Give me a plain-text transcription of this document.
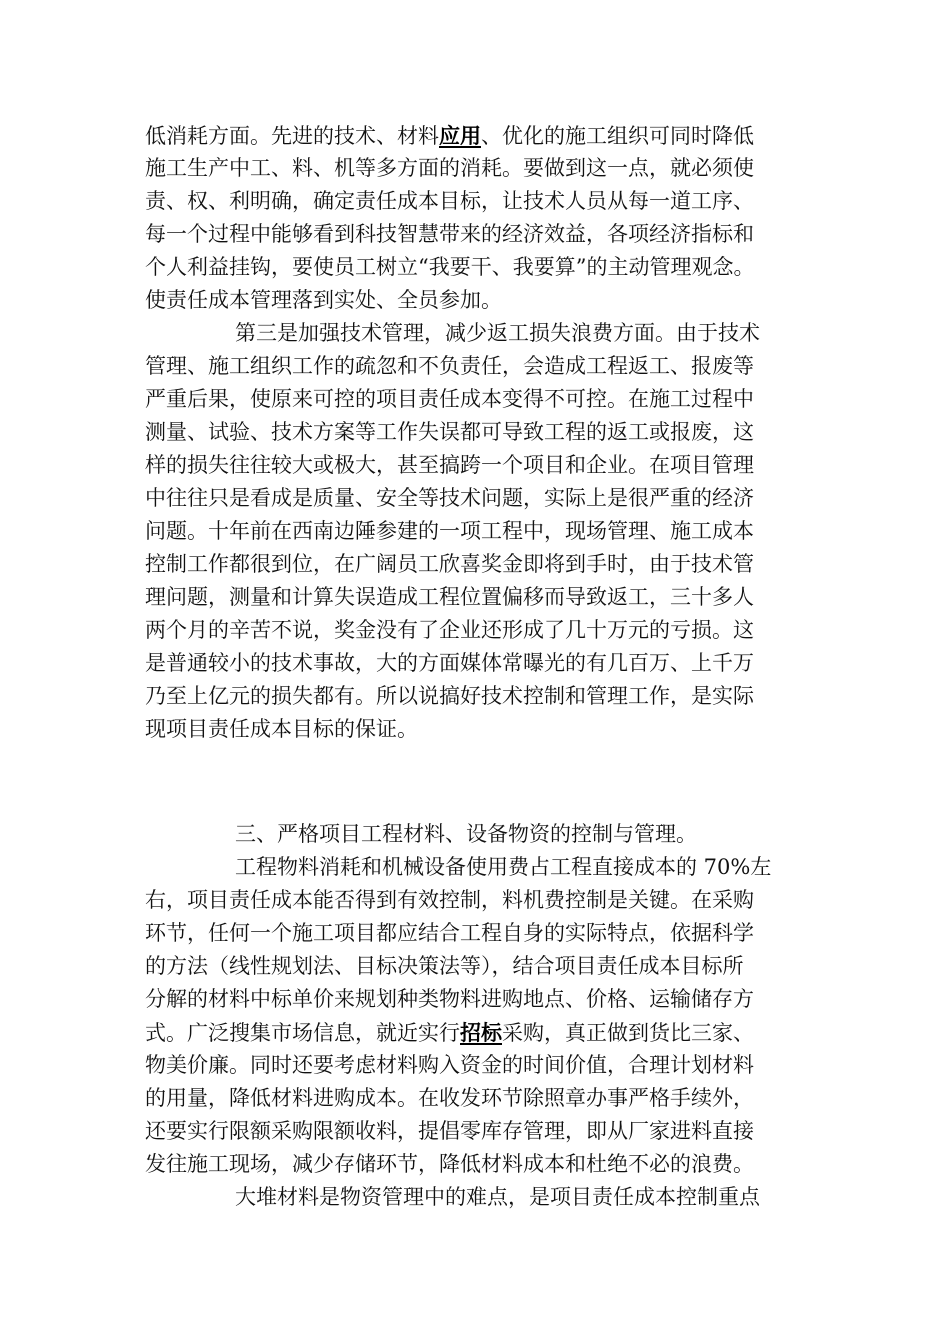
低消耗方面。先进的技术、材料应用、优化的施工组织可同时降低
施工生产中工、料、机等多方面的消耗。要做到这一点，就必须使
责、权、利明确，确定责任成本目标，让技术人员从每一道工序、
每一个过程中能够看到科技智慧带来的经济效益，各项经济指标和
个人利益挂钩，要使员工树立“我要干、我要算”的主动管理观念。
使责任成本管理落到实处、全员参加。
第三是加强技术管理，减少返工损失浪费方面。由于技术
管理、施工组织工作的疏忽和不负责任，会造成工程返工、报废等
严重后果，使原来可控的项目责任成本变得不可控。在施工过程中
测量、试验、技术方案等工作失误都可导致工程的返工或报废，这
样的损失往往较大或极大，甚至搞跨一个项目和企业。在项目管理
中往往只是看成是质量、安全等技术问题，实际上是很严重的经济
问题。十年前在西南边陲参建的一项工程中，现场管理、施工成本
控制工作都很到位，在广阔员工欣喜奖金即将到手时，由于技术管
理问题，测量和计算失误造成工程位置偏移而导致返工，三十多人
两个月的辛苦不说，奖金没有了企业还形成了几十万元的亏损。这
是普通较小的技术事故，大的方面媒体常曝光的有几百万、上千万
乃至上亿元的损失都有。所以说搞好技术控制和管理工作，是实际
现项目责任成本目标的保证。
三、严格项目工程材料、设备物资的控制与管理。
工程物料消耗和机械设备使用费占工程直接成本的 70%左
右，项目责任成本能否得到有效控制，料机费控制是关键。在采购
环节，任何一个施工项目都应结合工程自身的实际特点，依据科学
的方法（线性规划法、目标决策法等），结合项目责任成本目标所
分解的材料中标单价来规划种类物料进购地点、价格、运输储存方
式。广泛搜集市场信息，就近实行招标采购，真正做到货比三家、
物美价廉。同时还要考虑材料购入资金的时间价值，合理计划材料
的用量，降低材料进购成本。在收发环节除照章办事严格手续外，
还要实行限额采购限额收料，提倡零库存管理，即从厂家进料直接
发往施工现场，减少存储环节，降低材料成本和杜绝不必的浪费。
大堆材料是物资管理中的难点，是项目责任成本控制重点
